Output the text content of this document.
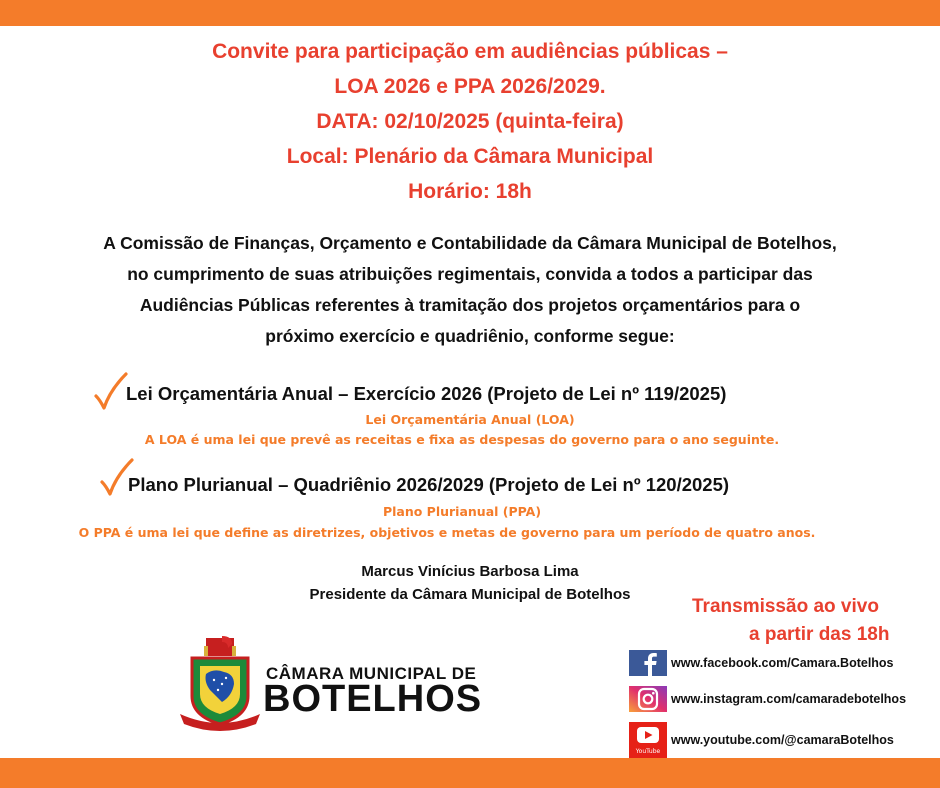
Convite para participação em audiências públicas –
LOA 2026 e PPA 2026/2029.
DATA: 02/10/2025 (quinta-feira)
Local: Plenário da Câmara Municipal
Horário: 18h
A Comissão de Finanças, Orçamento e Contabilidade da Câmara Municipal de Botelhos,
no cumprimento de suas atribuições regimentais, convida a todos a participar das
Audiências Públicas referentes à tramitação dos projetos orçamentários para o
próximo exercício e quadriênio, conforme segue:
Lei Orçamentária Anual – Exercício 2026 (Projeto de Lei nº 119/2025)
Lei Orçamentária Anual (LOA)
A LOA é uma lei que prevê as receitas e fixa as despesas do governo para o ano seguinte.
Plano Plurianual – Quadriênio 2026/2029 (Projeto de Lei nº 120/2025)
Plano Plurianual (PPA)
O PPA é uma lei que define as diretrizes, objetivos e metas de governo para um período de quatro anos.
Marcus Vinícius Barbosa Lima
Presidente da Câmara Municipal de Botelhos
Transmissão ao vivo
a partir das 18h
www.facebook.com/Camara.Botelhos
www.instagram.com/camaradebotelhos
YouTube
www.youtube.com/@camaraBotelhos
CÂMARA MUNICIPAL DE
BOTELHOS
